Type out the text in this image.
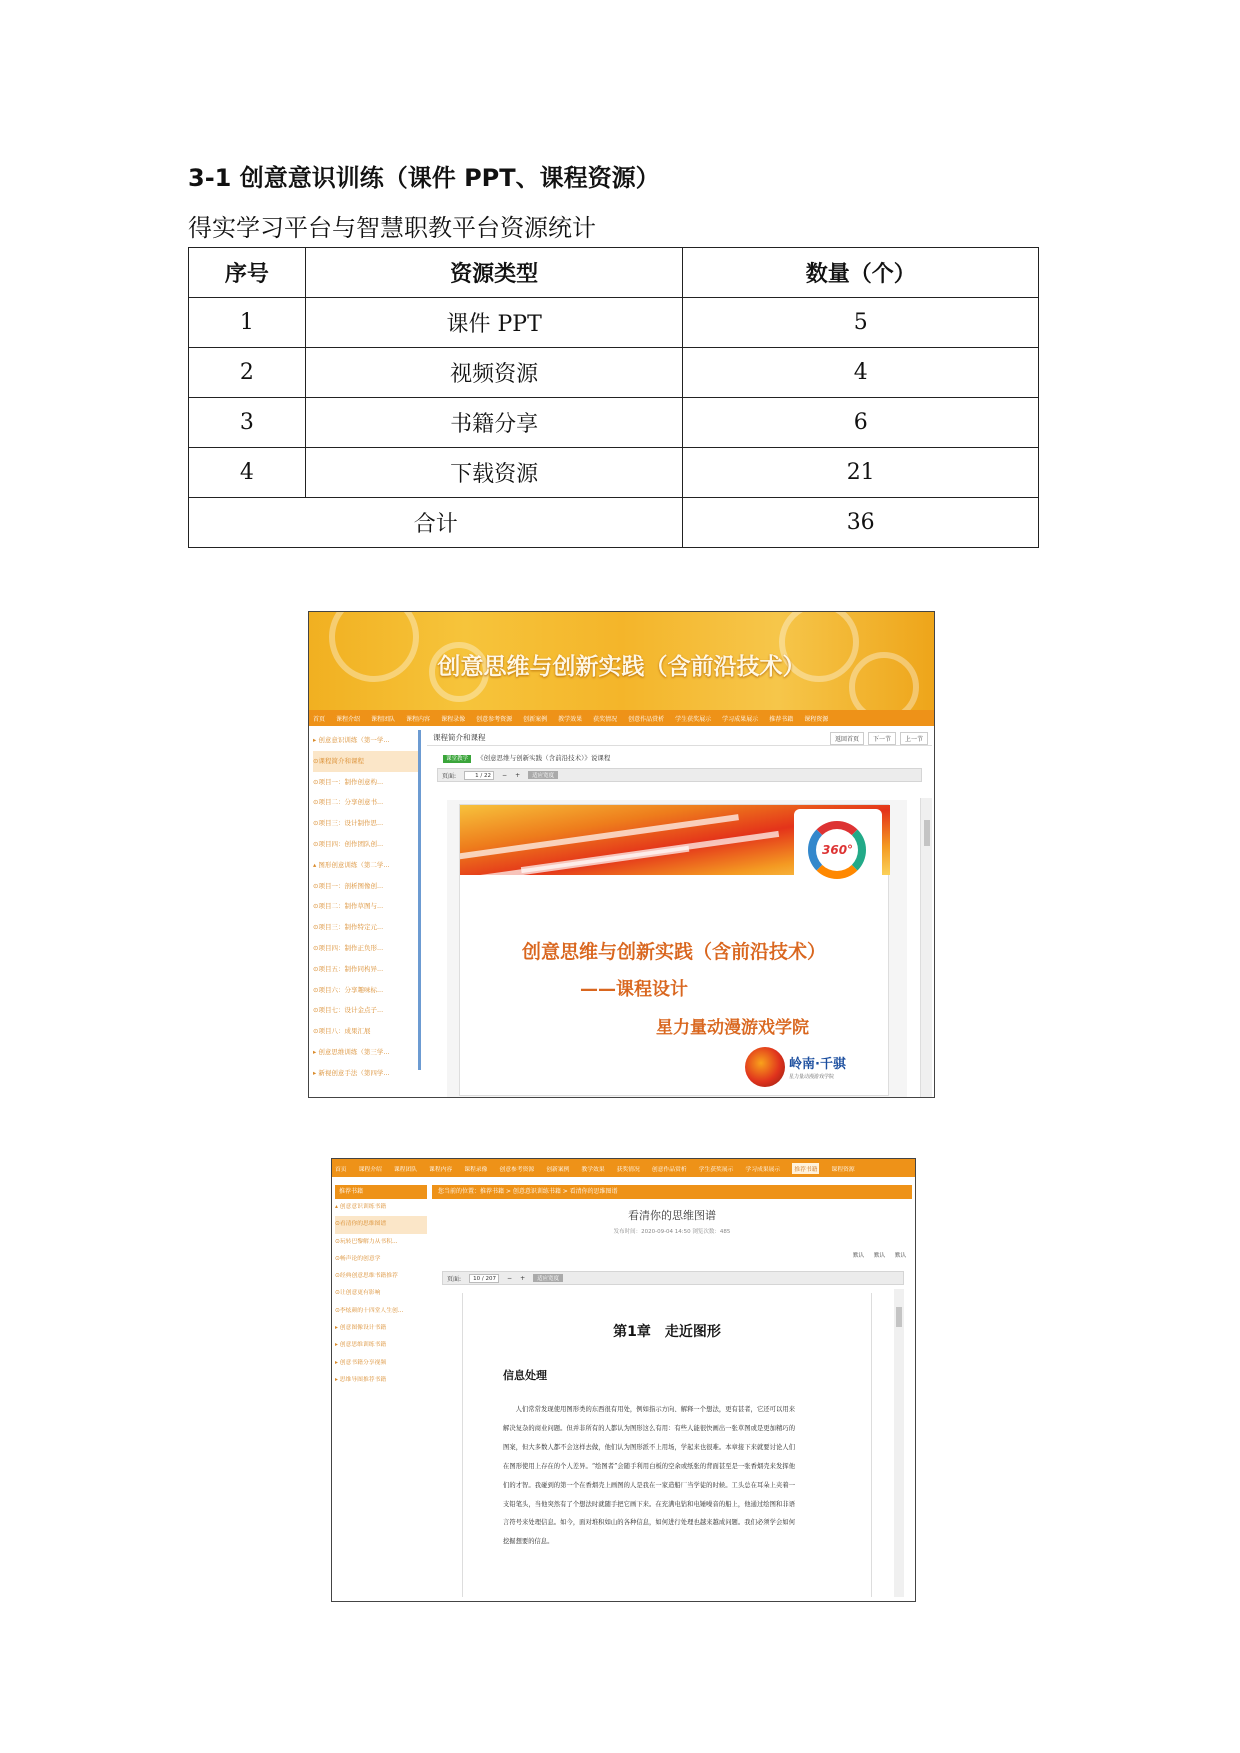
3-1 创意意识训练（课件 PPT、课程资源）
得实学习平台与智慧职教平台资源统计
序号	资源类型	数量（个）
1	课件 PPT	5
2	视频资源	4
3	书籍分享	6
4	下载资源	21
合计		36
创意思维与创新实践（含前沿技术）
首页 课程介绍 课程团队 课程内容 课程录像 创意参考资源 创新案例 教学效果 获奖情况 创意作品赏析 学生获奖展示 学习成果展示 推荐书籍 课程资源
▸ 创意意识训练（第一学...
⊙课程简介和课程
⊙项目一：制作创意构...
⊙项目二：分享创意书...
⊙项目三：设计制作思...
⊙项目四：创作团队创...
▴ 图形创意训练（第二学...
⊙项目一：剖析图像创...
⊙项目二：制作草图与...
⊙项目三：制作特定元...
⊙项目四：制作正负形...
⊙项目五：制作同构异...
⊙项目六：分享趣味标...
⊙项目七：设计金点子...
⊙项目八：成果汇展
▸ 创意思维训练（第三学...
▸ 新视创意手法（第四学...
课程简介和课程	返回首页	下一节	上一节
课堂教学 《创意思维与创新实践（含前沿技术）》说课程
页面:	1 / 22	− +	适应宽度
360°
创意思维与创新实践（含前沿技术）
——课程设计
星力量动漫游戏学院
岭南·千骐
星力量动漫游戏学院
首页 课程介绍 课程团队 课程内容 课程录像 创意参考资源 创新案例 教学效果 获奖情况 创意作品赏析 学生获奖展示 学习成果展示	推荐书籍	课程资源
推荐书籍
▴ 创意意识训练书籍
⊙看清你的思维图谱
⊙玩转巴黎解力从书积...
⊙畅声论的创意学
⊙经典创意思维书籍推荐
⊙让创意更有影响
⊙李炫颜的十四堂人生创...
▸ 创意图像设计书籍
▸ 创意思维训练书籍
▸ 创意书籍分享视频
▸ 思维导图推荐书籍
您当前的位置：推荐书籍 > 创意意识训练书籍 > 看清你的思维图谱
看清你的思维图谱
发布时间：2020-09-04 14:50 浏览次数：485
默认 默认 默认
页面:	10 / 207	− +	适应宽度
第1章　走近图形
信息处理

人们常常发现使用图形类的东西很有用处，例如指示方向、解释一个想法，更有甚者，它还可以用来解决复杂的商业问题。但并非所有的人都认为图形这么有用：有些人能很快画出一张草图或是更加精巧的图案，但大多数人都不会这样去做，他们认为图形派不上用场，学起来也很难。本章接下来就要讨论人们在图形使用上存在的个人差异。“绘图者”会随手利用白板的空余或纸张的背面甚至是一张香烟壳来发挥他们的才智。我碰到的第一个在香烟壳上画图的人是我在一家造船厂当学徒的时候。工头总在耳朵上夹着一支铅笔头，当他突然有了个想法时就随手把它画下来。在充满电钻和电锤噪音的船上，他通过绘图和非语言符号来处理信息。如今，面对堆积如山的各种信息，如何进行处理也越来越成问题。我们必须学会如何挖掘想要的信息。
